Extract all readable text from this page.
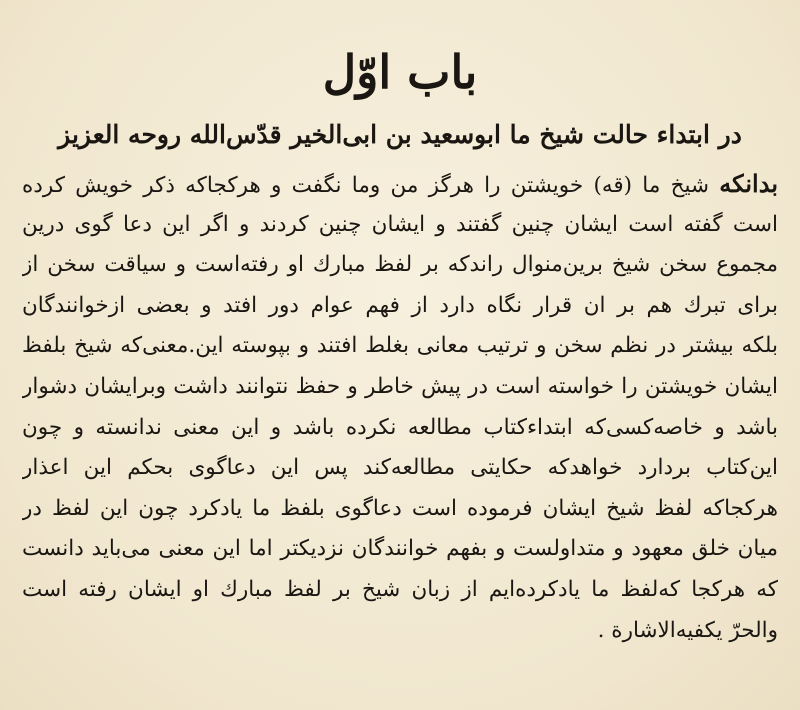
باب اوّل
در ابتداء حالت شیخ ما ابوسعید بن ابی‌الخیر قدّس‌الله روحه العزیز
بدانکه شیخ ما (قه) خویشتن را هرگز من وما نگفت و هرکجاکه ذکر خویش کرده
است گفته است ایشان چنین گفتند و ایشان چنین کردند و اگر این دعا گوی درین
مجموع سخن شیخ برین‌منوال راندکه بر لفظ مبارك او رفته‌است و سیاقت سخن از
برای تبرك هم بر ان قرار نگاه دارد از فهم عوام دور افتد و بعضی ازخوانندگان
بلکه بیشتر در نظم سخن و ترتیب معانی بغلط افتند و بپوسته این.معنی‌که شیخ بلفظ
ایشان خویشتن را خواسته است در پیش خاطر و حفظ نتوانند داشت وبرایشان دشوار
باشد و خاصه‌کسی‌که ابتداءکتاب مطالعه نکرده باشد و این معنی ندانسته و چون
این‌کتاب بردارد خواهدکه حکایتی مطالعه‌کند پس این دعاگوی بحکم این اعذار
هرکجاکه لفظ شیخ ایشان فرموده است دعاگوی بلفظ ما یادکرد چون این لفظ در
میان خلق معهود و متداولست و بفهم خوانندگان نزدیکتر اما این معنی می‌باید دانست
که هرکجا که‌لفظ ما یادکرده‌ایم از زبان شیخ بر لفظ مبارك او ایشان رفته است
والحرّ یکفیه‌الاشارة .
